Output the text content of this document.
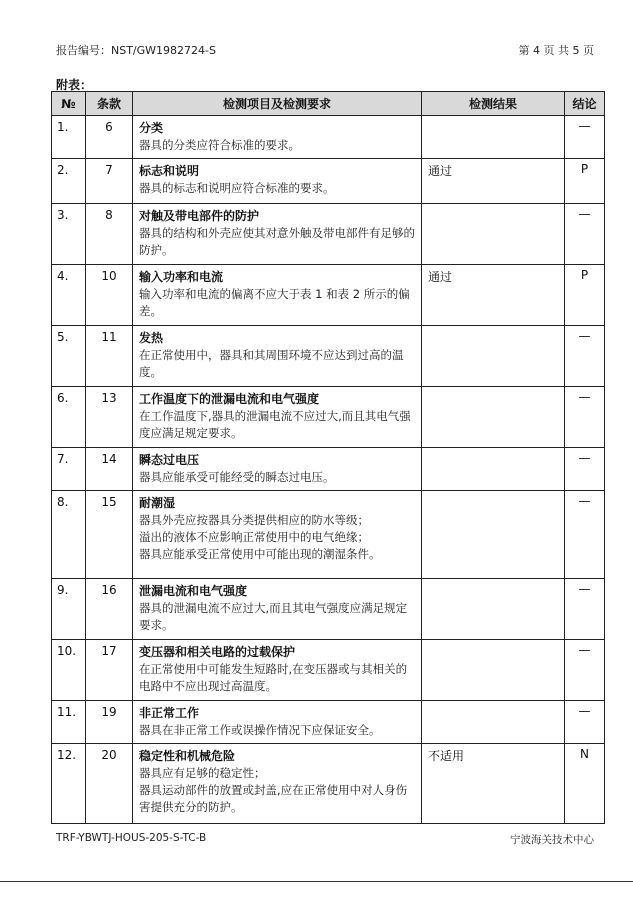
报告编号：NST/GW1982724-S	第 4 页 共 5 页
附表：
№	条款	检测项目及检测要求	检测结果	结论
1.	6	分类
器具的分类应符合标准的要求。		—
2.	7	标志和说明
器具的标志和说明应符合标准的要求。	通过	P
3.	8	对触及带电部件的防护
器具的结构和外壳应使其对意外触及带电部件有足够的防护。		—
4.	10	输入功率和电流
输入功率和电流的偏离不应大于表 1 和表 2 所示的偏差。	通过	P
5.	11	发热
在正常使用中，器具和其周围环境不应达到过高的温度。		—
6.	13	工作温度下的泄漏电流和电气强度
在工作温度下,器具的泄漏电流不应过大,而且其电气强度应满足规定要求。		—
7.	14	瞬态过电压
器具应能承受可能经受的瞬态过电压。		—
8.	15	耐潮湿
器具外壳应按器具分类提供相应的防水等级；
溢出的液体不应影响正常使用中的电气绝缘；
器具应能承受正常使用中可能出现的潮湿条件。		—
9.	16	泄漏电流和电气强度
器具的泄漏电流不应过大,而且其电气强度应满足规定要求。		—
10.	17	变压器和相关电路的过载保护
在正常使用中可能发生短路时,在变压器或与其相关的电路中不应出现过高温度。		—
11.	19	非正常工作
器具在非正常工作或误操作情况下应保证安全。		—
12.	20	稳定性和机械危险
器具应有足够的稳定性；
器具运动部件的放置或封盖,应在正常使用中对人身伤害提供充分的防护。	不适用	N
TRF-YBWTJ-HOUS-205-S-TC-B	宁波海关技术中心
